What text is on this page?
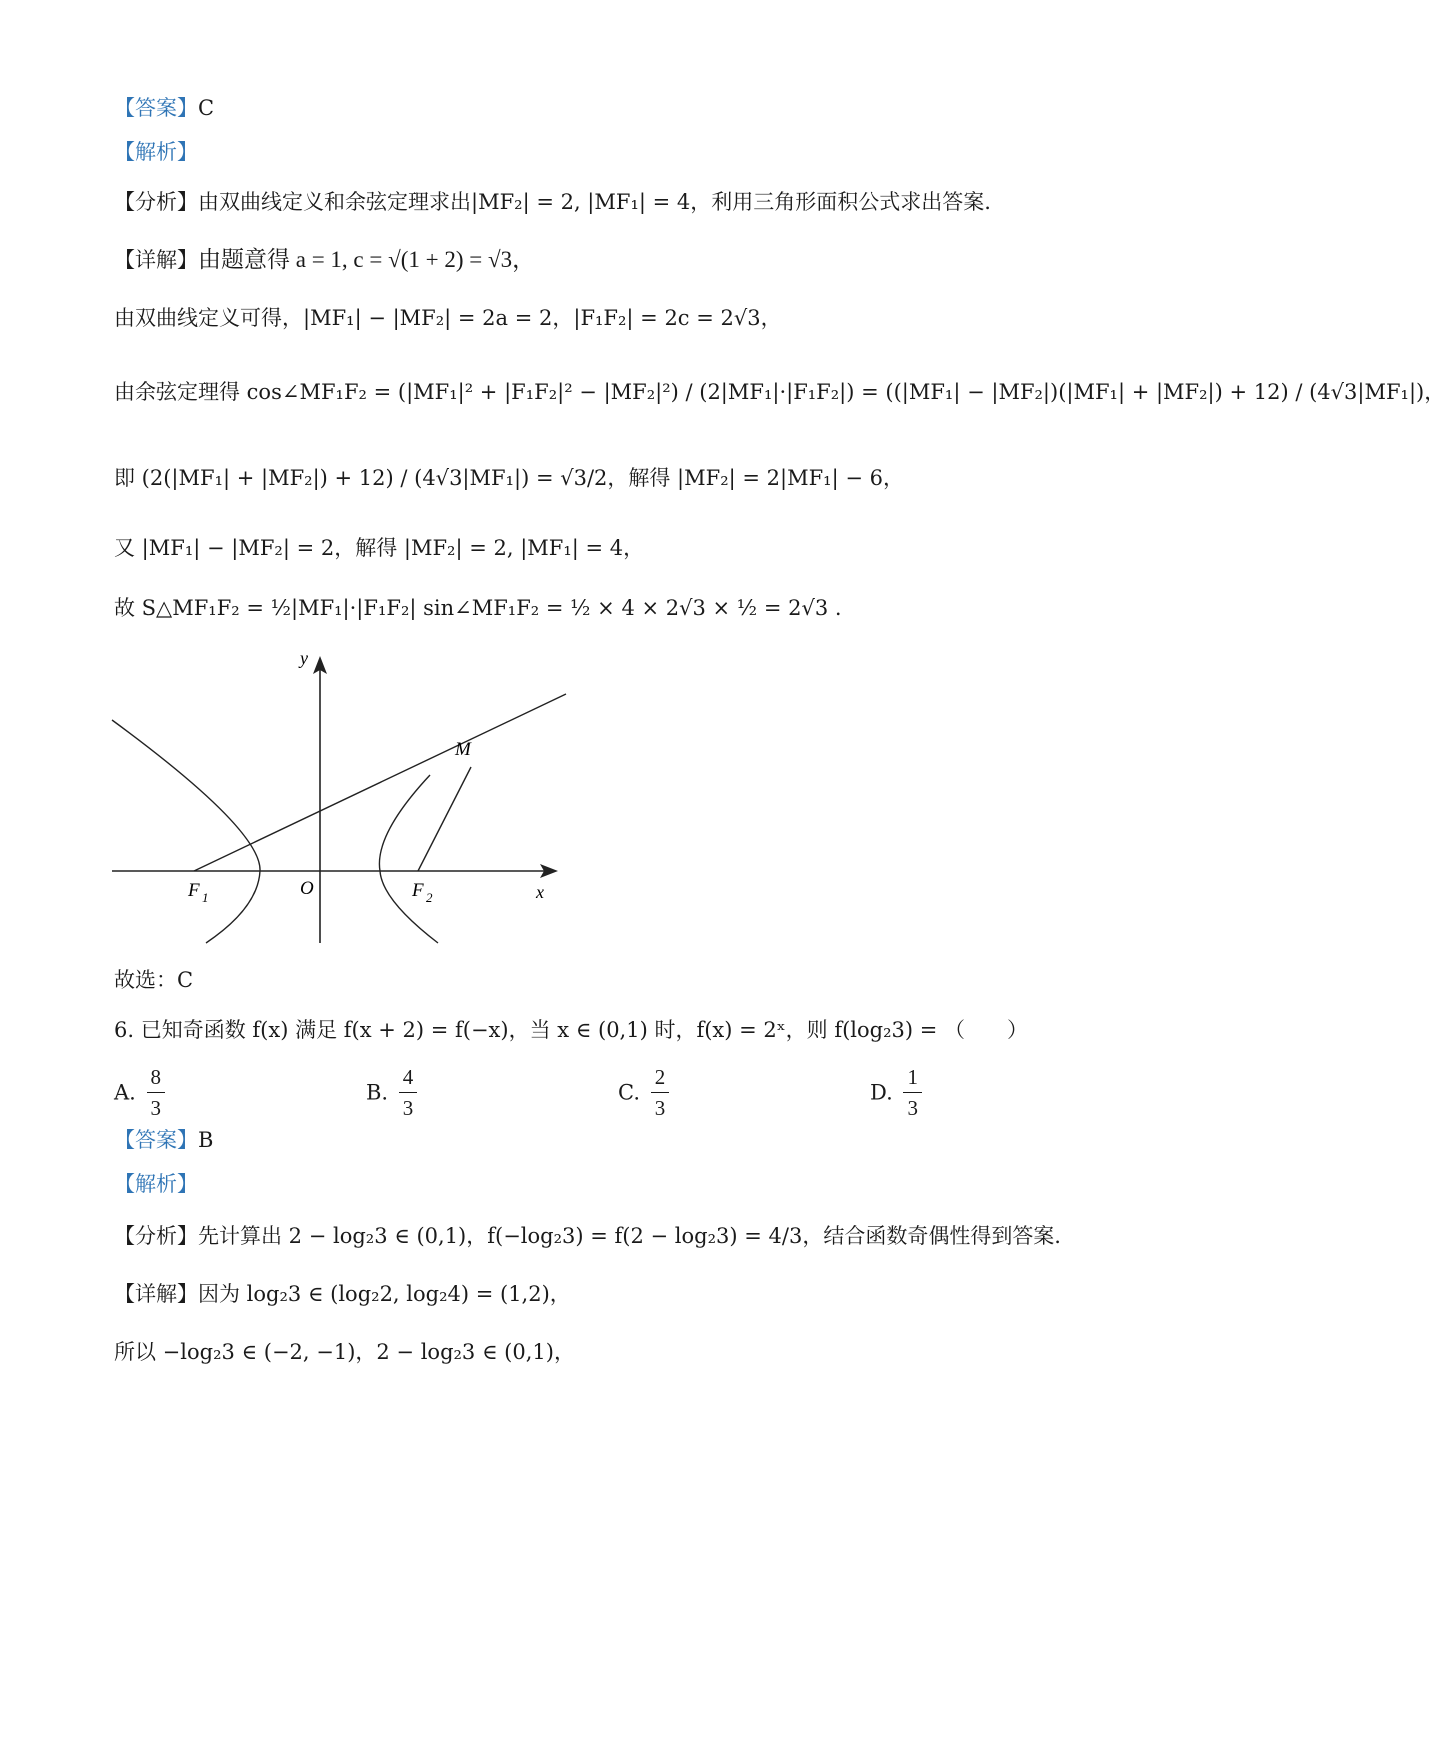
【答案】C
【解析】
【分析】由双曲线定义和余弦定理求出|MF₂| = 2, |MF₁| = 4，利用三角形面积公式求出答案.
【详解】由题意得 a = 1, c = √(1 + 2) = √3，
由双曲线定义可得，|MF₁| − |MF₂| = 2a = 2，|F₁F₂| = 2c = 2√3，
由余弦定理得 cos∠MF₁F₂ = (|MF₁|² + |F₁F₂|² − |MF₂|²) / (2|MF₁|·|F₁F₂|) = ((|MF₁| − |MF₂|)(|MF₁| + |MF₂|) + 12) / (4√3|MF₁|)，
即 (2(|MF₁| + |MF₂|) + 12) / (4√3|MF₁|) = √3/2，解得 |MF₂| = 2|MF₁| − 6，
又 |MF₁| − |MF₂| = 2，解得 |MF₂| = 2, |MF₁| = 4，
故 S△MF₁F₂ = ½|MF₁|·|F₁F₂| sin∠MF₁F₂ = ½ × 4 × 2√3 × ½ = 2√3 .
y
x
M
O
F 1	F 2
故选：C
6. 已知奇函数 f(x) 满足 f(x + 2) = f(−x)，当 x ∈ (0,1) 时，f(x) = 2ˣ，则 f(log₂3) = （　　）
A. $\frac{8}{3}$	B. $\frac{4}{3}$	C. $\frac{2}{3}$	D. $\frac{1}{3}$
【答案】B
【解析】
【分析】先计算出 2 − log₂3 ∈ (0,1)，f(−log₂3) = f(2 − log₂3) = 4/3，结合函数奇偶性得到答案.
【详解】因为 log₂3 ∈ (log₂2, log₂4) = (1,2)，
所以 −log₂3 ∈ (−2, −1)，2 − log₂3 ∈ (0,1)，
